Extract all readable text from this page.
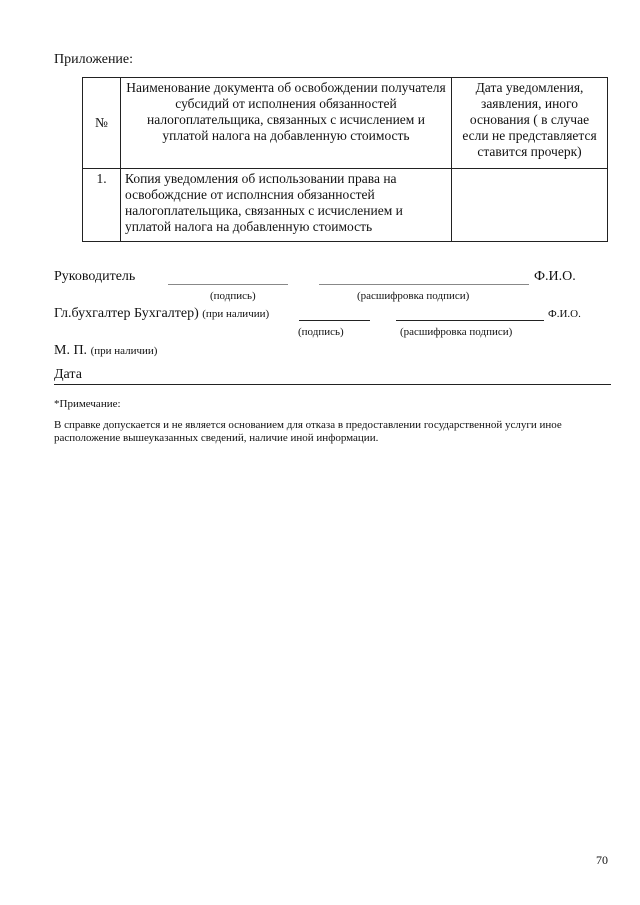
Приложение:
№	Наименование документа об освобождении получателя субсидий от исполнения обязанностей налогоплательщика, связанных с исчислением и уплатой налога на добавленную стоимость	Дата уведомления, заявления, иного основания ( в случае если не представляется ставится прочерк)
1.	Копия уведомления об использовании права на освобождсние от исполнсния обязанностей налогоплательщика, связанных с исчислением и уплатой налога на добавленную стоимость	
Руководитель	Ф.И.О.
(подпись)	(расшифровка подписи)
Гл.бухгалтер Бухгалтер) (при наличии)	Ф.И.О.
(подпись)	(расшифровка подписи)
М. П. (при наличии)
Дата
*Примечание:
В справке допускается и не является основанием для отказа в предоставлении государственной услуги иное расположение вышеуказанных сведений, наличие иной информации.
70
